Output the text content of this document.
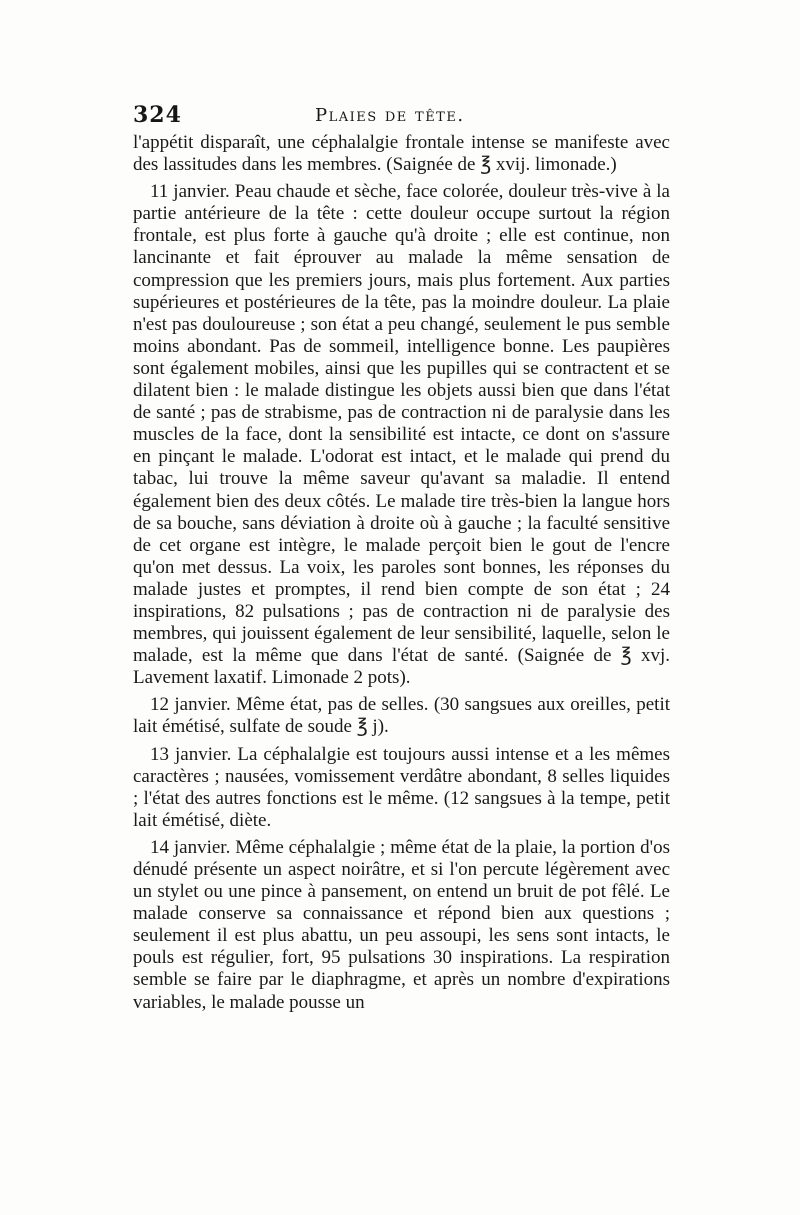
324	Plaies de tête.

l'appétit disparaît, une céphalalgie frontale intense se manifeste avec des lassitudes dans les membres. (Saignée de ℥ xvij. limonade.)

11 janvier. Peau chaude et sèche, face colorée, douleur très-vive à la partie antérieure de la tête : cette douleur occupe surtout la région frontale, est plus forte à gauche qu'à droite ; elle est continue, non lancinante et fait éprouver au malade la même sensation de compression que les premiers jours, mais plus fortement. Aux parties supérieures et postérieures de la tête, pas la moindre douleur. La plaie n'est pas douloureuse ; son état a peu changé, seulement le pus semble moins abondant. Pas de sommeil, intelligence bonne. Les paupières sont également mobiles, ainsi que les pupilles qui se contractent et se dilatent bien : le malade distingue les objets aussi bien que dans l'état de santé ; pas de strabisme, pas de contraction ni de paralysie dans les muscles de la face, dont la sensibilité est intacte, ce dont on s'assure en pinçant le malade. L'odorat est intact, et le malade qui prend du tabac, lui trouve la même saveur qu'avant sa maladie. Il entend également bien des deux côtés. Le malade tire très-bien la langue hors de sa bouche, sans déviation à droite où à gauche ; la faculté sensitive de cet organe est intègre, le malade perçoit bien le gout de l'encre qu'on met dessus. La voix, les paroles sont bonnes, les réponses du malade justes et promptes, il rend bien compte de son état ; 24 inspirations, 82 pulsations ; pas de contraction ni de paralysie des membres, qui jouissent également de leur sensibilité, laquelle, selon le malade, est la même que dans l'état de santé. (Saignée de ℥ xvj. Lavement laxatif. Limonade 2 pots).

12 janvier. Même état, pas de selles. (30 sangsues aux oreilles, petit lait émétisé, sulfate de soude ℥ j).

13 janvier. La céphalalgie est toujours aussi intense et a les mêmes caractères ; nausées, vomissement verdâtre abondant, 8 selles liquides ; l'état des autres fonctions est le même. (12 sangsues à la tempe, petit lait émétisé, diète.

14 janvier. Même céphalalgie ; même état de la plaie, la portion d'os dénudé présente un aspect noirâtre, et si l'on percute légèrement avec un stylet ou une pince à pansement, on entend un bruit de pot fêlé. Le malade conserve sa connaissance et répond bien aux questions ; seulement il est plus abattu, un peu assoupi, les sens sont intacts, le pouls est régulier, fort, 95 pulsations 30 inspirations. La respiration semble se faire par le diaphragme, et après un nombre d'expirations variables, le malade pousse un
